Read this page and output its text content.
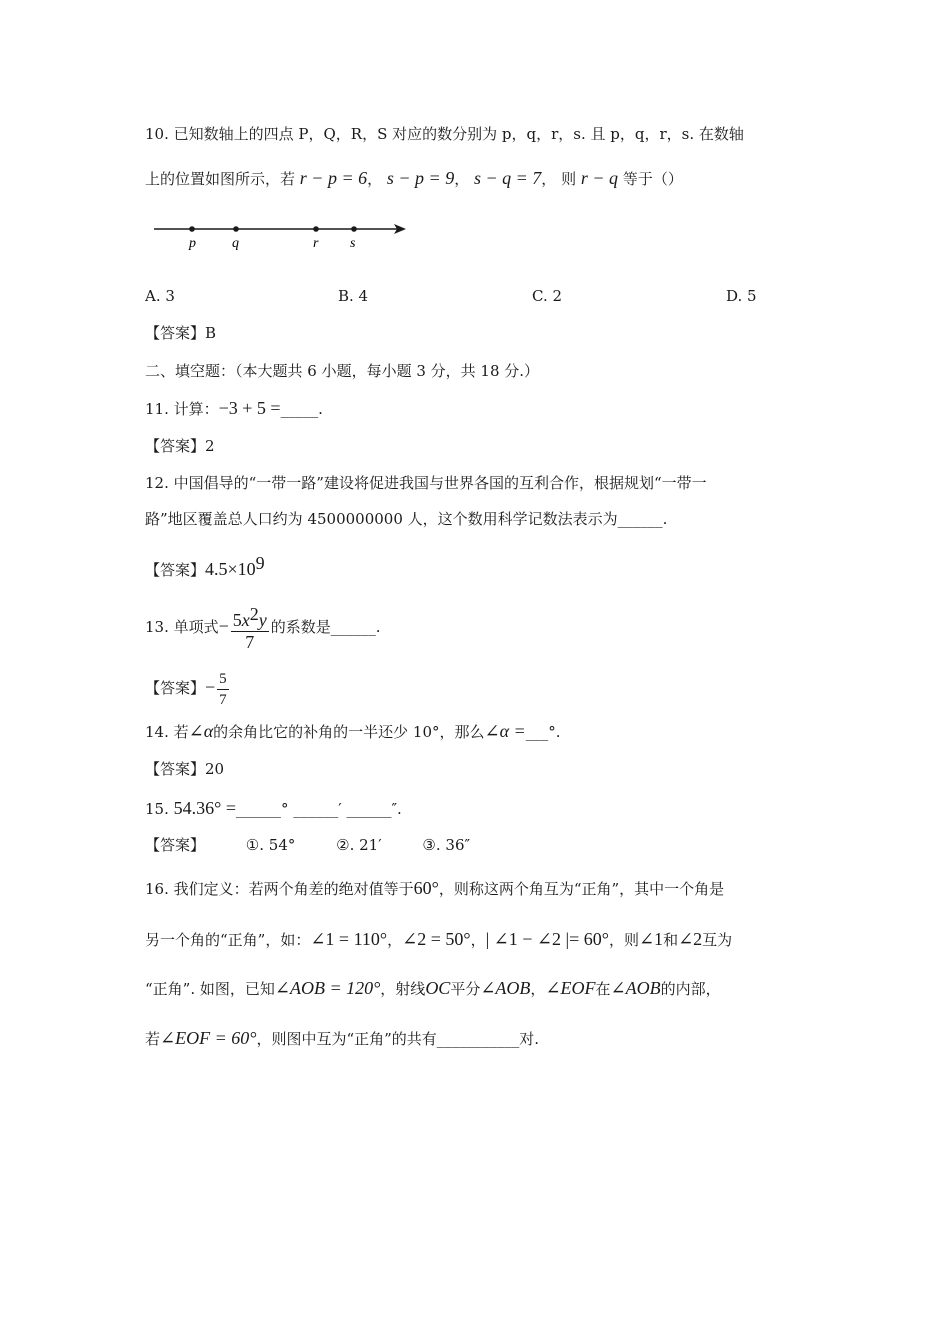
10. 已知数轴上的四点 P，Q，R，S 对应的数分别为 p，q，r，s. 且 p，q，r，s. 在数轴
上的位置如图所示，若 r − p = 6， s − p = 9， s − q = 7， 则 r − q 等于（）
p	q	r s
A. 3	B. 4	C. 2	D. 5
【答案】B
二、填空题：（本大题共 6 小题，每小题 3 分，共 18 分.）
11. 计算：−3 + 5 =_____.
【答案】2
12. 中国倡导的“一带一路”建设将促进我国与世界各国的互利合作，根据规划“一带一
路”地区覆盖总人口约为 4500000000 人，这个数用科学记数法表示为______.
【答案】$4.5\times 10^9$
13. 单项式− $\frac{5x^2y}{7}$ 的系数是______.
【答案】− $\frac{5}{7}$
14. 若∠α的余角比它的补角的一半还少 10°，那么∠α =___°.
【答案】20
15. 54.36° =______° ______′ ______″.
【答案】	①. 54°	②. 21′	③. 36″
16. 我们定义：若两个角差的绝对值等于60°，则称这两个角互为“正角”，其中一个角是
另一个角的“正角”，如：∠1 = 110°，∠2 = 50°，| ∠1 − ∠2 |= 60°，则∠1和∠2互为
“正角”. 如图，已知∠AOB = 120°，射线OC平分∠AOB，∠EOF在∠AOB的内部，
若∠EOF = 60°，则图中互为“正角”的共有___________对.
